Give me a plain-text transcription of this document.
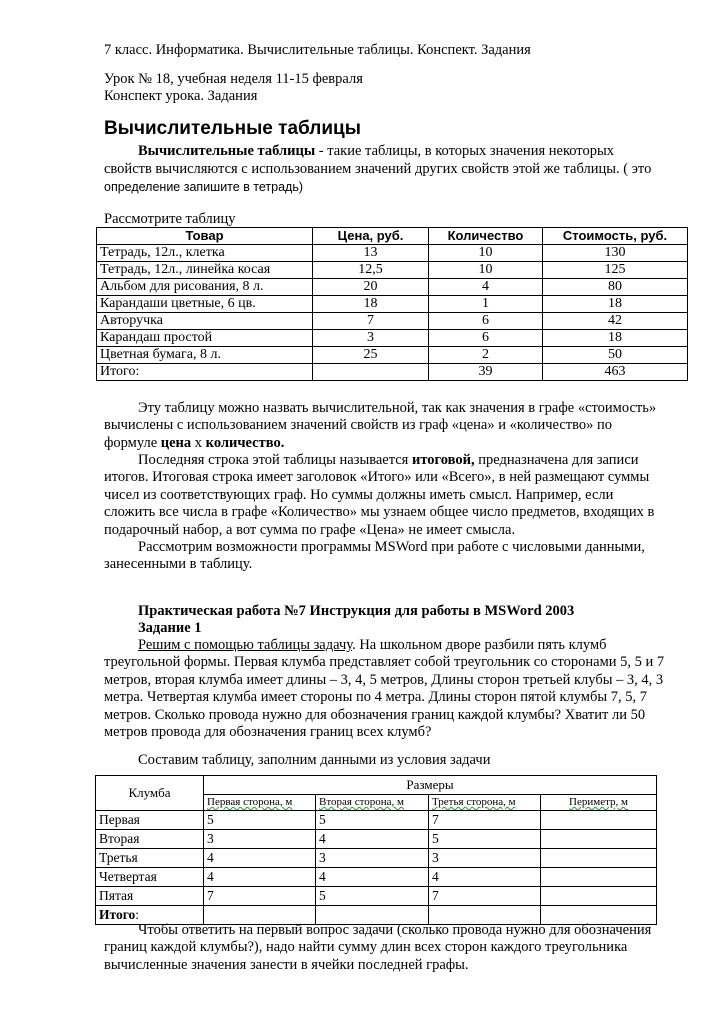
7 класс. Информатика. Вычислительные таблицы. Конспект. Задания
Урок № 18, учебная неделя 11-15 февраля
Конспект урока. Задания
Вычислительные таблицы
Вычислительные таблицы - такие таблицы, в которых значения некоторых
свойств вычисляются с использованием значений других свойств этой же таблицы. ( это
определение запишите в тетрадь)
Рассмотрите таблицу
Товар	Цена, руб.	Количество	Стоимость, руб.
Тетрадь, 12л., клетка	13	10	130
Тетрадь, 12л., линейка косая	12,5	10	125
Альбом для рисования, 8 л.	20	4	80
Карандаши цветные, 6 цв.	18	1	18
Авторучка	7	6	42
Карандаш простой	3	6	18
Цветная бумага, 8 л.	25	2	50
Итого:		39	463
Эту таблицу можно назвать вычислительной, так как значения в графе «стоимость»
вычислены с использованием значений свойств из граф «цена» и «количество» по
формуле цена х количество.
Последняя строка этой таблицы называется итоговой, предназначена для записи
итогов. Итоговая строка имеет заголовок «Итого» или «Всего», в ней размещают суммы
чисел из соответствующих граф. Но суммы должны иметь смысл. Например, если
сложить все числа в графе «Количество» мы узнаем общее число предметов, входящих в
подарочный набор, а вот сумма по графе «Цена» не имеет смысла.
Рассмотрим возможности программы MSWord при работе с числовыми данными,
занесенными в таблицу.
Практическая работа №7 Инструкция для работы в MSWord 2003
Задание 1
Решим с помощью таблицы задачу. На школьном дворе разбили пять клумб
треугольной формы. Первая клумба представляет собой треугольник со сторонами 5, 5 и 7
метров, вторая клумба имеет длины – 3, 4, 5 метров, Длины сторон третьей клубы – 3, 4, 3
метра. Четвертая клумба имеет стороны по 4 метра. Длины сторон пятой клумбы 7, 5, 7
метров. Сколько провода нужно для обозначения границ каждой клумбы? Хватит ли 50
метров провода для обозначения границ всех клумб?
Составим таблицу, заполним данными из условия задачи
Клумба	Размеры			
	Первая сторона, м	Вторая сторона, м	Третья сторона, м	Периметр, м
Первая	5	5	7	
Вторая	3	4	5	
Третья	4	3	3	
Четвертая	4	4	4	
Пятая	7	5	7	
Итого:				
Чтобы ответить на первый вопрос задачи (сколько провода нужно для обозначения
границ каждой клумбы?), надо найти сумму длин всех сторон каждого треугольника
вычисленные значения занести в ячейки последней графы.
